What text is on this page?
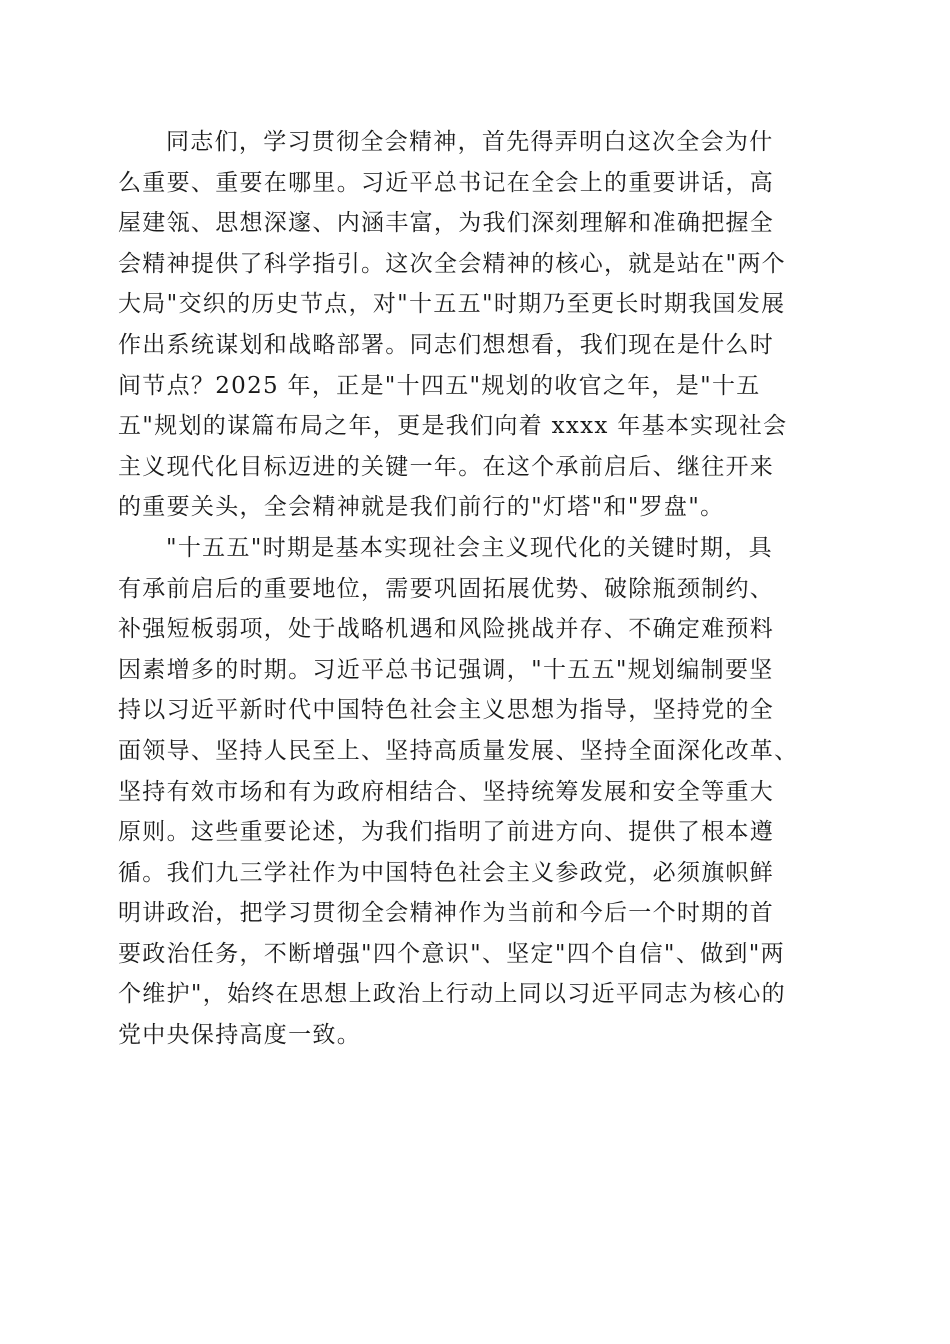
同志们，学习贯彻全会精神，首先得弄明白这次全会为什
么重要、重要在哪里。习近平总书记在全会上的重要讲话，高
屋建瓴、思想深邃、内涵丰富，为我们深刻理解和准确把握全
会精神提供了科学指引。这次全会精神的核心，就是站在"两个
大局"交织的历史节点，对"十五五"时期乃至更长时期我国发展
作出系统谋划和战略部署。同志们想想看，我们现在是什么时
间节点？2025 年，正是"十四五"规划的收官之年，是"十五
五"规划的谋篇布局之年，更是我们向着 xxxx 年基本实现社会
主义现代化目标迈进的关键一年。在这个承前启后、继往开来
的重要关头，全会精神就是我们前行的"灯塔"和"罗盘"。
"十五五"时期是基本实现社会主义现代化的关键时期，具
有承前启后的重要地位，需要巩固拓展优势、破除瓶颈制约、
补强短板弱项，处于战略机遇和风险挑战并存、不确定难预料
因素增多的时期。习近平总书记强调，"十五五"规划编制要坚
持以习近平新时代中国特色社会主义思想为指导，坚持党的全
面领导、坚持人民至上、坚持高质量发展、坚持全面深化改革、
坚持有效市场和有为政府相结合、坚持统筹发展和安全等重大
原则。这些重要论述，为我们指明了前进方向、提供了根本遵
循。我们九三学社作为中国特色社会主义参政党，必须旗帜鲜
明讲政治，把学习贯彻全会精神作为当前和今后一个时期的首
要政治任务，不断增强"四个意识"、坚定"四个自信"、做到"两
个维护"，始终在思想上政治上行动上同以习近平同志为核心的
党中央保持高度一致。
